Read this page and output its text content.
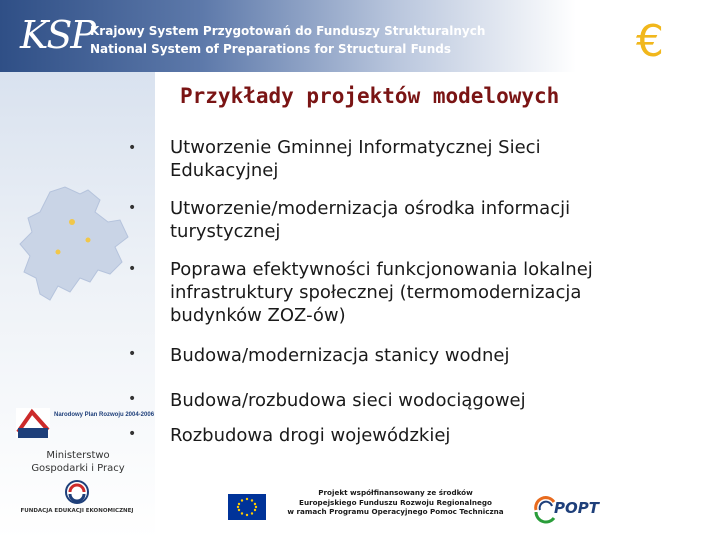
KSP
Krajowy System Przygotowań do Funduszy Strukturalnych
National System of Preparations for Structural Funds	€
Narodowy Plan Rozwoju 2004-2006
Ministerstwo
Gospodarki i Pracy
FUNDACJA EDUKACJI EKONOMICZNEJ
Przykłady projektów modelowych
• Utworzenie Gminnej Informatycznej Sieci
Edukacyjnej
• Utworzenie/modernizacja ośrodka informacji
turystycznej
• Poprawa efektywności funkcjonowania lokalnej
infrastruktury społecznej (termomodernizacja
budynków ZOZ-ów)
• Budowa/modernizacja stanicy wodnej
• Budowa/rozbudowa sieci wodociągowej
• Rozbudowa drogi wojewódzkiej
Projekt współfinansowany ze środków
Europejskiego Funduszu Rozwoju Regionalnego
w ramach Programu Operacyjnego Pomoc Techniczna	POPT
